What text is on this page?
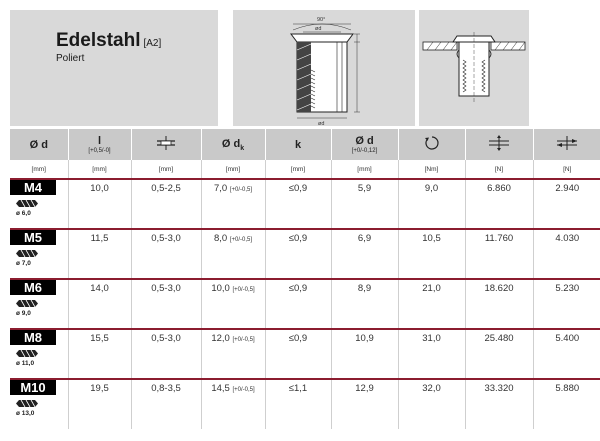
Edelstahl [A2]
Poliert
90°
ød
ød
Ø d	l
[+0,5/-0]		Ø $d_k$	k	Ø d
[+0/-0,12]

[mm]	[mm]	[mm]	[mm]	[mm]	[mm]	[Nm]	[N]	[N]

M4
ø 6,0	10,0	0,5-2,5	7,0 [+0/-0,5]	≤0,9	5,9	9,0	6.860	2.940

M5
ø 7,0	11,5	0,5-3,0	8,0 [+0/-0,5]	≤0,9	6,9	10,5	11.760	4.030

M6
ø 9,0	14,0	0,5-3,0	10,0 [+0/-0,5]	≤0,9	8,9	21,0	18.620	5.230

M8
ø 11,0	15,5	0,5-3,0	12,0 [+0/-0,5]	≤0,9	10,9	31,0	25.480	5.400

M10
ø 13,0	19,5	0,8-3,5	14,5 [+0/-0,5]	≤1,1	12,9	32,0	33.320	5.880
